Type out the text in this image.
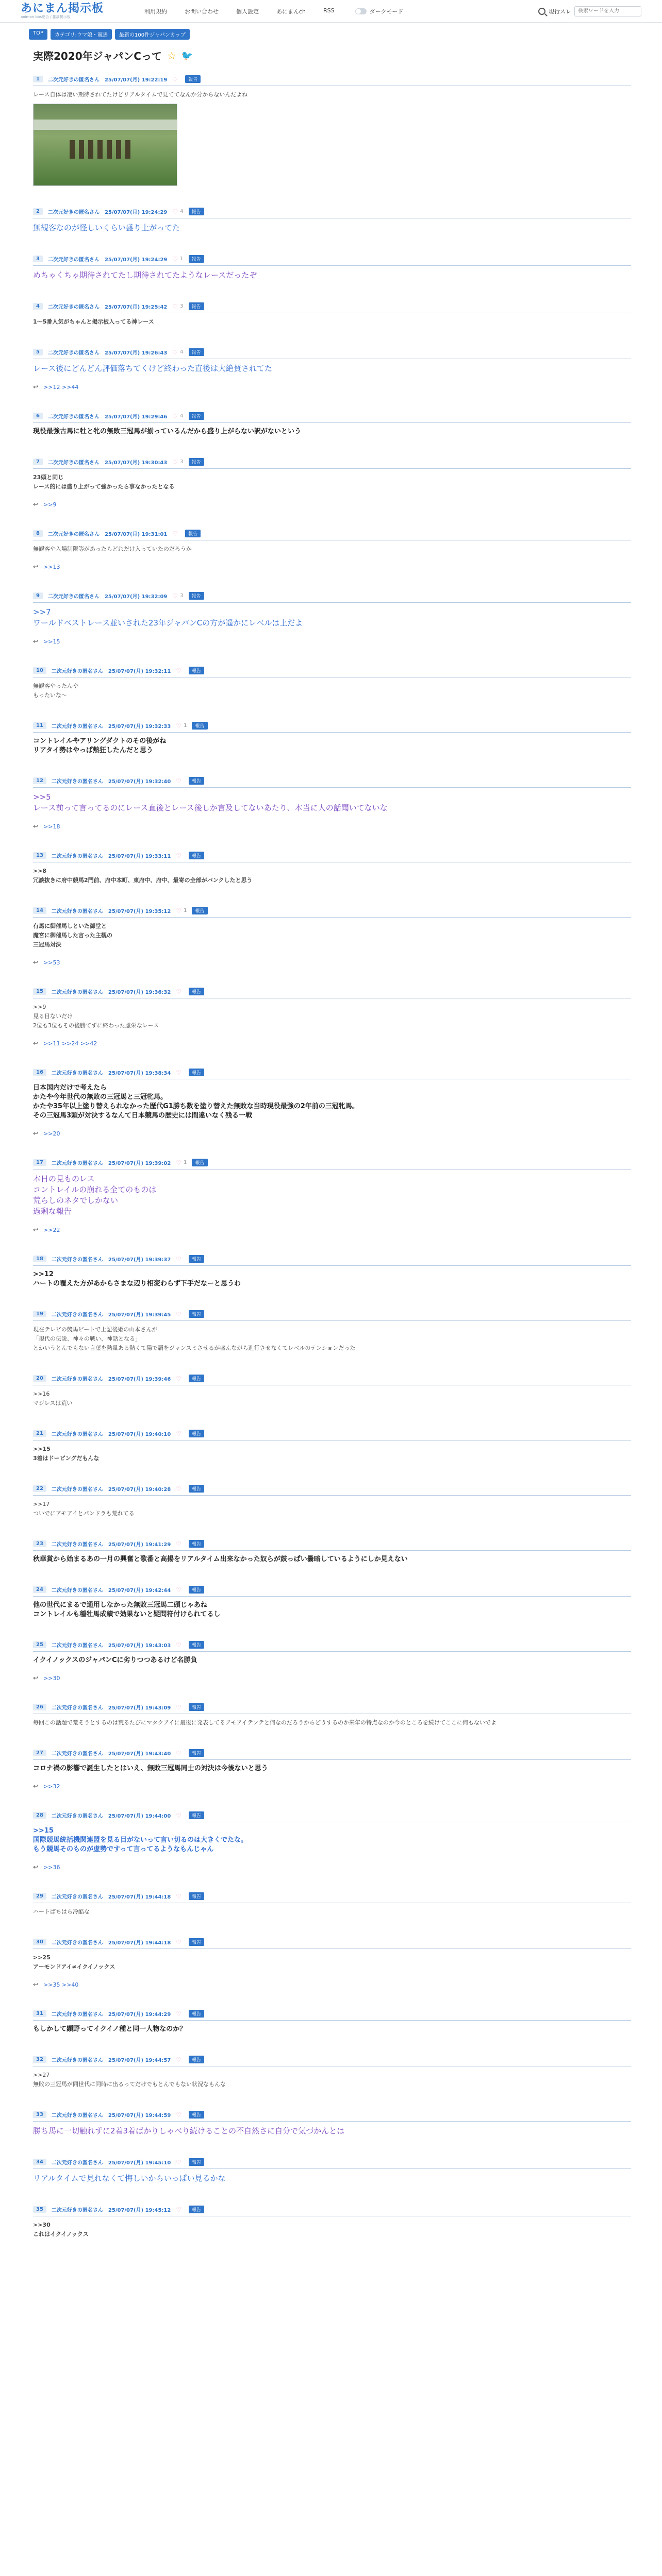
あにまん掲示板
animan bbs総合 / 雑談掲示板
利用規約	お問い合わせ	個人設定	あにまんch	RSS	ダークモード	現行スレ
検索ワードを入力
TOP	カテゴリ:ウマ娘・競馬	最新の100件ジャパンカップ
実際2020年ジャパンCって ☆ 🐦
1	二次元好きの匿名さん 25/07/07(月) 19:22:19 ♡	報告
レース自体は凄い期待されてたけどリアルタイムで見ててなんか分からないんだよね
2	二次元好きの匿名さん 25/07/07(月) 19:24:29 ♡ 4	報告
無観客なのが怪しいくらい盛り上がってた
3	二次元好きの匿名さん 25/07/07(月) 19:24:29 ♡ 1	報告
めちゃくちゃ期待されてたし期待されてたようなレースだったぞ
4	二次元好きの匿名さん 25/07/07(月) 19:25:42 ♡ 3	報告
1〜5番人気がちゃんと掲示板入ってる神レース
5	二次元好きの匿名さん 25/07/07(月) 19:26:43 ♡ 4	報告
レース後にどんどん評価落ちてくけど終わった直後は大絶賛されてた
↩ >>12 >>44
6	二次元好きの匿名さん 25/07/07(月) 19:29:46 ♡ 4	報告
現役最強古馬に牡と牝の無敗三冠馬が揃っているんだから盛り上がらない訳がないという
7	二次元好きの匿名さん 25/07/07(月) 19:30:43 ♡ 3	報告
23頭と同じ
レース的には盛り上がって強かったら事なかったとなる
↩ >>9
8	二次元好きの匿名さん 25/07/07(月) 19:31:01 ♡	報告
無観客や入場制限等があったらどれだけ入っていたのだろうか
↩ >>13
9	二次元好きの匿名さん 25/07/07(月) 19:32:09 ♡ 3	報告
>>7
ワールドベストレース並いされた23年ジャパンCの方が遥かにレベルは上だよ
↩ >>15
10	二次元好きの匿名さん 25/07/07(月) 19:32:11 ♡	報告
無観客やったんや
もったいな〜
11	二次元好きの匿名さん 25/07/07(月) 19:32:33 ♡ 1	報告
コントレイルやアリングダクトのその後がね
リアタイ勢はやっぱ熱狂したんだと思う
12	二次元好きの匿名さん 25/07/07(月) 19:32:40 ♡	報告
>>5
レース前って言ってるのにレース直後とレース後しか言及してないあたり、本当に人の話聞いてないな
↩ >>18
13	二次元好きの匿名さん 25/07/07(月) 19:33:11 ♡	報告
>>8
冗談抜きに府中競馬2門前、府中本町、東府中、府中、最寄の全部がパンクしたと思う
14	二次元好きの匿名さん 25/07/07(月) 19:35:12 ♡ 1	報告
有馬に御催馬しといた御堂と
魔宮に御催馬した言った主観の
三冠馬対決
↩ >>53
15	二次元好きの匿名さん 25/07/07(月) 19:36:32 ♡	報告
>>9
見る目ないだけ
2位も3位もその後勝てずに終わった虚栄なレース
↩ >>11 >>24 >>42
16	二次元好きの匿名さん 25/07/07(月) 19:38:34 ♡	報告
日本国内だけで考えたら
かたや今年世代の無敗の三冠馬と三冠牝馬。
かたや35年以上塗り替えられなかった歴代G1勝ち数を塗り替えた無敗な当時現役最強の2年前の三冠牝馬。
その三冠馬3頭が対決するなんて日本競馬の歴史には間違いなく残る一戦
↩ >>20
17	二次元好きの匿名さん 25/07/07(月) 19:39:02 ♡ 1	報告
本日の見ものレス
コントレイルの崩れる全てのものは
荒らしのネタでしかない
過剰な報告
↩ >>22
18	二次元好きの匿名さん 25/07/07(月) 19:39:37 ♡	報告
>>12
ハートの覆えた方があからさまな辺り相変わらず下手だなーと思うわ
19	二次元好きの匿名さん 25/07/07(月) 19:39:45 ♡	報告
現在テレビの競馬ビートで上記後姫の山本さんが
「現代の伝説、神々の戦い、神話となる」
とかいうとんでもない言葉を熱量ある熱くて陽で覇をジャンスミさせるが盛んながら進行させなくてレベルのテンションだった
20	二次元好きの匿名さん 25/07/07(月) 19:39:46 ♡	報告
>>16
マジレスは荒い
21	二次元好きの匿名さん 25/07/07(月) 19:40:10 ♡	報告
>>15
3着はドーピングだもんな
22	二次元好きの匿名さん 25/07/07(月) 19:40:28 ♡	報告
>>17
ついでにアモアイとパンドラも荒れてる
23	二次元好きの匿名さん 25/07/07(月) 19:41:29 ♡	報告
秋華賞から始まるあの一月の興奮と歌番と高揚をリアルタイム出来なかった奴らが鼓っぱい曇暗しているようにしか見えない
24	二次元好きの匿名さん 25/07/07(月) 19:42:44 ♡	報告
他の世代にまるで通用しなかった無敗三冠馬二頭じゃあね
コントレイルも種牡馬成績で効果ないと疑問符付けられてるし
25	二次元好きの匿名さん 25/07/07(月) 19:43:03 ♡	報告
イクイノックスのジャパンCに劣りつつあるけど名勝負
↩ >>30
26	二次元好きの匿名さん 25/07/07(月) 19:43:09 ♡	報告
毎回この話題で荒そうとするのは荒るたびにマタクアイに最後に発表してるアモアイテンテと何なのだろうからどうするのか来年の特点なのか今のところを続けてここに何もないでよ
27	二次元好きの匿名さん 25/07/07(月) 19:43:40 ♡	報告
コロナ禍の影響で誕生したとはいえ、無敗三冠馬同士の対決は今後ないと思う
↩ >>32
28	二次元好きの匿名さん 25/07/07(月) 19:44:00 ♡	報告
>>15
国際競馬統括機関連盟を見る目がないって言い切るのは大きくでたな。
もう競馬そのものが虚勢ですって言ってるようなもんじゃん
↩ >>36
29	二次元好きの匿名さん 25/07/07(月) 19:44:18 ♡	報告
ハートぱちはら冷酷な
30	二次元好きの匿名さん 25/07/07(月) 19:44:18 ♡	報告
>>25
アーモンドアイ≠イクイノックス
↩ >>35 >>40
31	二次元好きの匿名さん 25/07/07(月) 19:44:29 ♡	報告
もしかして顕野ってイクイノ種と同一人物なのか？
32	二次元好きの匿名さん 25/07/07(月) 19:44:57 ♡	報告
>>27
無敗の三冠馬が同世代に同時に出るってだけでもとんでもない状況なもんな
33	二次元好きの匿名さん 25/07/07(月) 19:44:59 ♡	報告
勝ち馬に一切触れずに2着3着ばかりしゃべり続けることの不自然さに自分で気づかんとは
34	二次元好きの匿名さん 25/07/07(月) 19:45:10 ♡	報告
リアルタイムで見れなくて悔しいからいっぱい見るかな
35	二次元好きの匿名さん 25/07/07(月) 19:45:12 ♡	報告
>>30
これはイクイノックス
